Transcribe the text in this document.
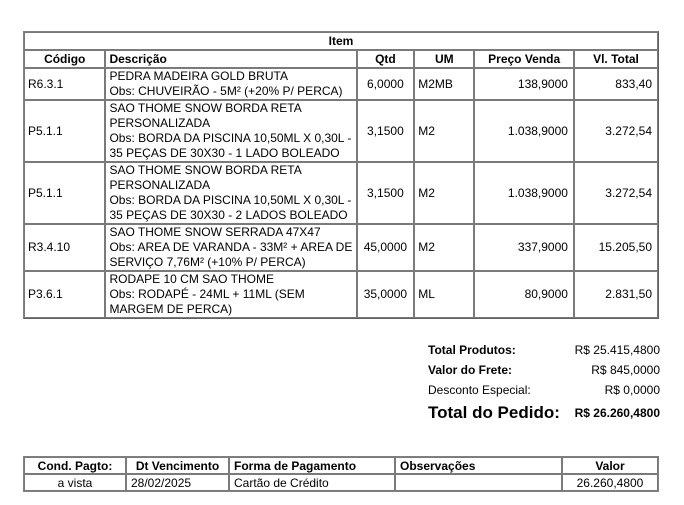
Item					
Código	Descrição	Qtd	UM	Preço Venda	Vl. Total
R6.3.1	PEDRA MADEIRA GOLD BRUTA
Obs: CHUVEIRÃO - 5M² (+20% P/ PERCA)	6,0000	M2MB	138,9000	833,40
P5.1.1	SAO THOME SNOW BORDA RETA
PERSONALIZADA
Obs: BORDA DA PISCINA 10,50ML X 0,30L -
35 PEÇAS DE 30X30 - 1 LADO BOLEADO	3,1500	M2	1.038,9000	3.272,54
P5.1.1	SAO THOME SNOW BORDA RETA
PERSONALIZADA
Obs: BORDA DA PISCINA 10,50ML X 0,30L -
35 PEÇAS DE 30X30 - 2 LADOS BOLEADO	3,1500	M2	1.038,9000	3.272,54
R3.4.10	SAO THOME SNOW SERRADA 47X47
Obs: AREA DE VARANDA - 33M² + AREA DE
SERVIÇO 7,76M² (+10% P/ PERCA)	45,0000	M2	337,9000	15.205,50
P3.6.1	RODAPE 10 CM SAO THOME
Obs: RODAPÉ - 24ML + 11ML (SEM
MARGEM DE PERCA)	35,0000	ML	80,9000	2.831,50
Total Produtos:	R$ 25.415,4800
Valor do Frete:	R$ 845,0000
Desconto Especial:	R$ 0,0000
Total do Pedido: R$ 26.260,4800
Cond. Pagto:	Dt Vencimento	Forma de Pagamento	Observações	Valor
a vista	28/02/2025	Cartão de Crédito		26.260,4800
